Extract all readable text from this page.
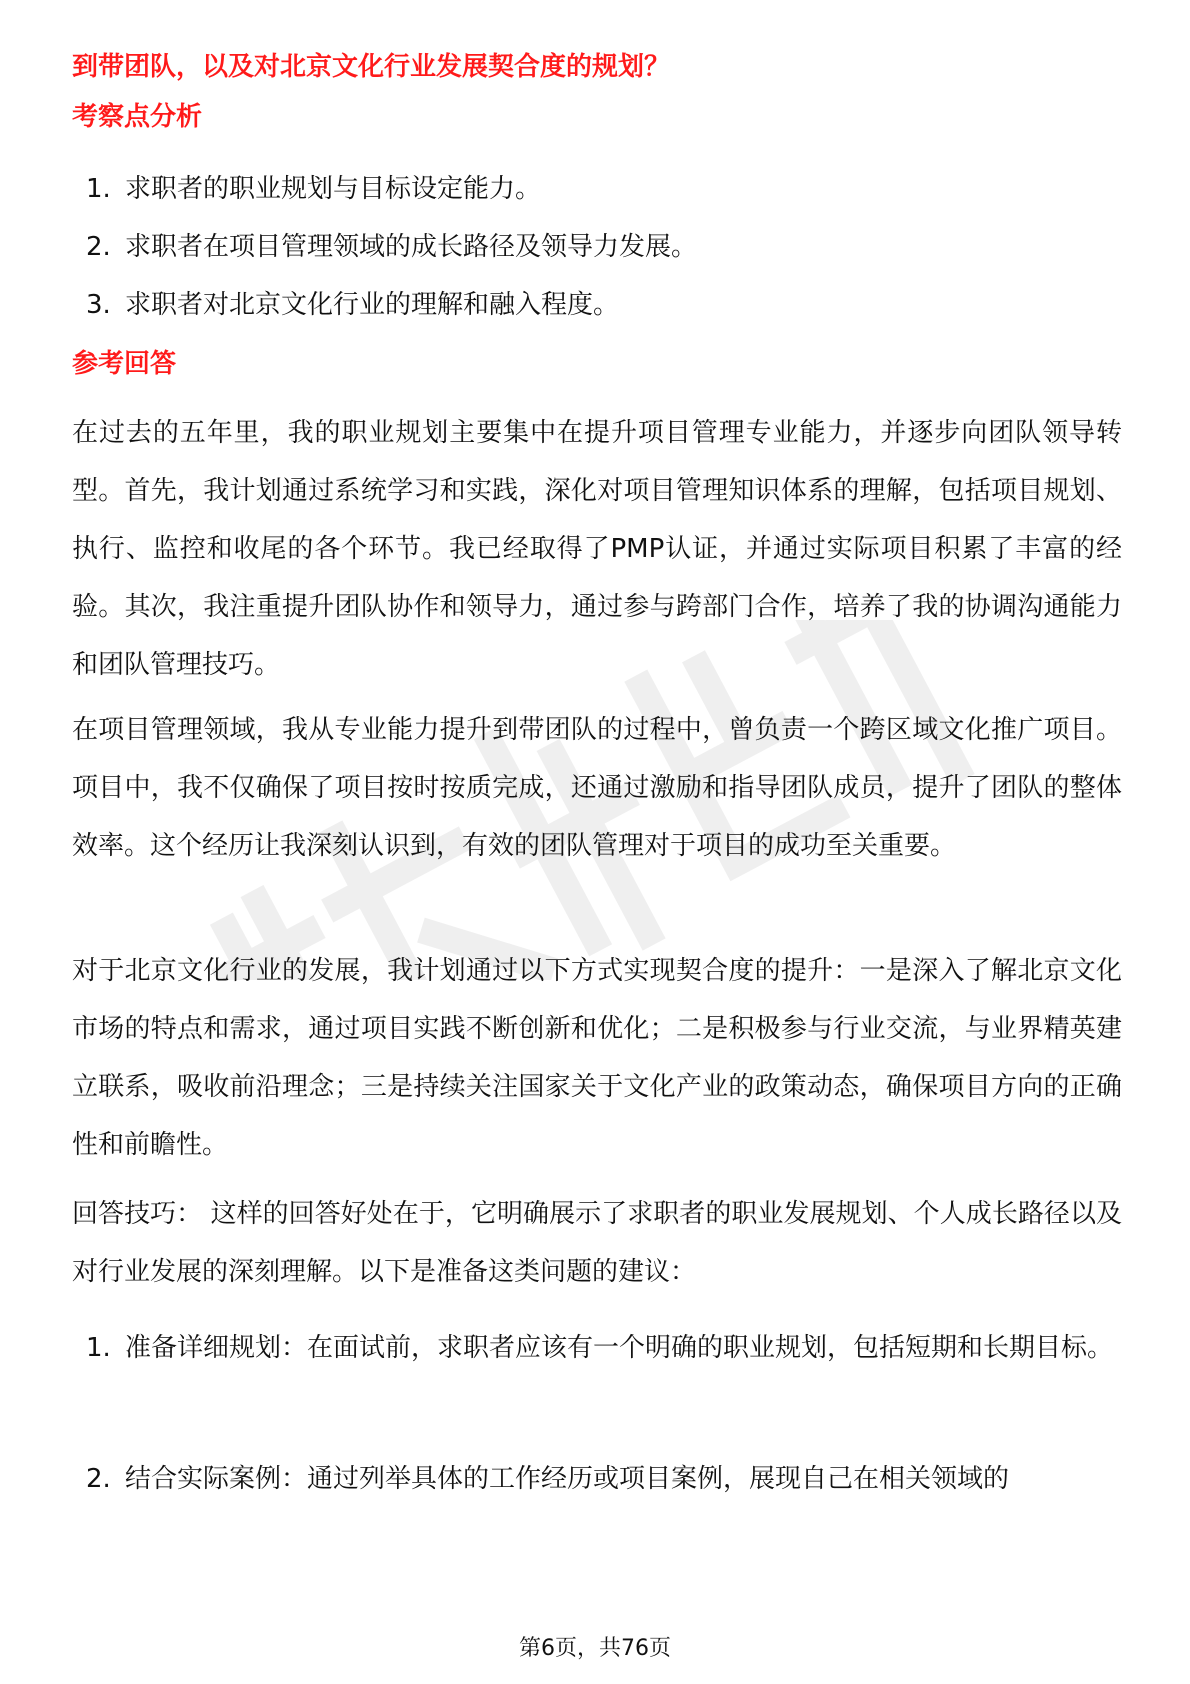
到带团队，以及对北京文化行业发展契合度的规划？
考察点分析
1. 求职者的职业规划与目标设定能力。
2. 求职者在项目管理领域的成长路径及领导力发展。
3. 求职者对北京文化行业的理解和融入程度。
参考回答

在过去的五年里，我的职业规划主要集中在提升项目管理专业能力，并逐步向团队领导转型。首先，我计划通过系统学习和实践，深化对项目管理知识体系的理解，包括项目规划、执行、监控和收尾的各个环节。我已经取得了PMP认证，并通过实际项目积累了丰富的经验。其次，我注重提升团队协作和领导力，通过参与跨部门合作，培养了我的协调沟通能力和团队管理技巧。

在项目管理领域，我从专业能力提升到带团队的过程中，曾负责一个跨区域文化推广项目。项目中，我不仅确保了项目按时按质完成，还通过激励和指导团队成员，提升了团队的整体效率。这个经历让我深刻认识到，有效的团队管理对于项目的成功至关重要。

对于北京文化行业的发展，我计划通过以下方式实现契合度的提升：一是深入了解北京文化市场的特点和需求，通过项目实践不断创新和优化；二是积极参与行业交流，与业界精英建立联系，吸收前沿理念；三是持续关注国家关于文化产业的政策动态，确保项目方向的正确性和前瞻性。

回答技巧： 这样的回答好处在于，它明确展示了求职者的职业发展规划、个人成长路径以及对行业发展的深刻理解。以下是准备这类问题的建议：

1. 准备详细规划：在面试前，求职者应该有一个明确的职业规划，包括短期和长期目标。
2. 结合实际案例：通过列举具体的工作经历或项目案例，展现自己在相关领域的
第6页，共76页
